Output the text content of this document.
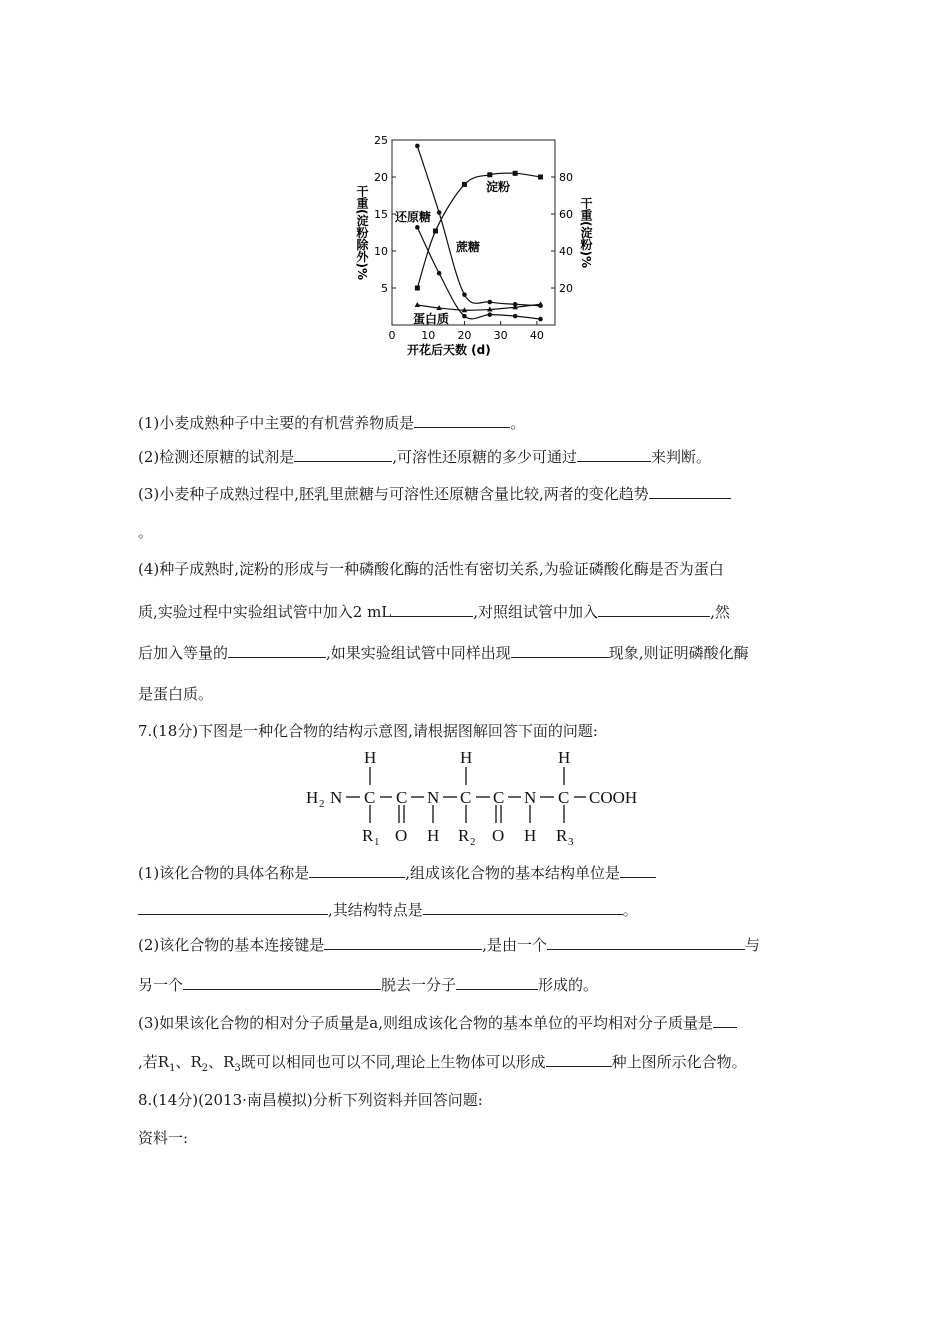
0 10 20 30 40
5
10
15
20
25
20
40
60
80
淀粉
还原糖
蔗糖
蛋白质
开花后天数 (d)
干重(淀粉除外)%	干重(淀粉)%
(1)小麦成熟种子中主要的有机营养物质是	。
(2)检测还原糖的试剂是	,可溶性还原糖的多少可通过	来判断。
(3)小麦种子成熟过程中,胚乳里蔗糖与可溶性还原糖含量比较,两者的变化趋势
。
(4)种子成熟时,淀粉的形成与一种磷酸化酶的活性有密切关系,为验证磷酸化酶是否为蛋白
质,实验过程中实验组试管中加入2 mL	,对照组试管中加入	,然
后加入等量的	,如果实验组试管中同样出现	现象,则证明磷酸化酶
是蛋白质。
7.(18分)下图是一种化合物的结构示意图,请根据图解回答下面的问题:
H	H	H
H 2 N C C N C C N C COOH
R 1 O H R 2 O H R 3
(1)该化合物的具体名称是	,组成该化合物的基本结构单位是
,其结构特点是	。
(2)该化合物的基本连接键是	,是由一个	与
另一个	脱去一分子	形成的。
(3)如果该化合物的相对分子质量是a,则组成该化合物的基本单位的平均相对分子质量是
,若$R_1$、$R_2$、$R_3$既可以相同也可以不同,理论上生物体可以形成	种上图所示化合物。
8.(14分)(2013·南昌模拟)分析下列资料并回答问题:
资料一:
